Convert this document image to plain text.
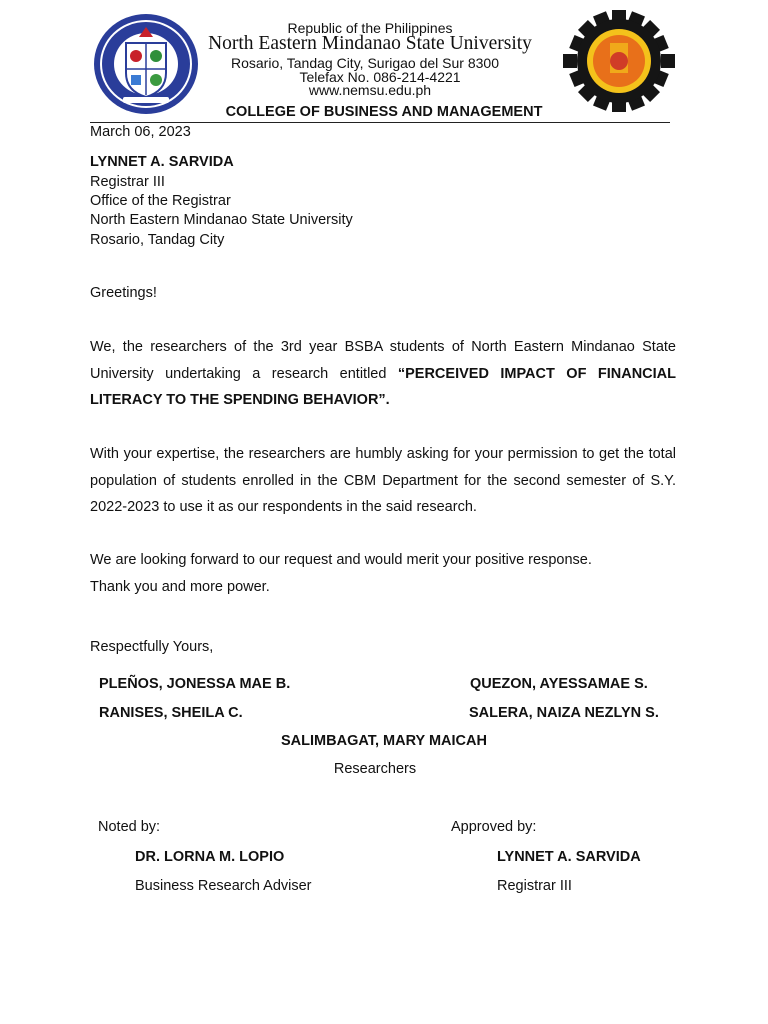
Republic of the Philippines
North Eastern Mindanao State University
Rosario, Tandag City, Surigao del Sur 8300
Telefax No. 086-214-4221
www.nemsu.edu.ph
COLLEGE OF BUSINESS AND MANAGEMENT
March 06, 2023
LYNNET A. SARVIDA
Registrar III
Office of the Registrar
North Eastern Mindanao State University
Rosario, Tandag City
Greetings!
We, the researchers of the 3rd year BSBA students of North Eastern Mindanao State University undertaking a research entitled “PERCEIVED IMPACT OF FINANCIAL LITERACY TO THE SPENDING BEHAVIOR”.
With your expertise, the researchers are humbly asking for your permission to get the total population of students enrolled in the CBM Department for the second semester of S.Y. 2022-2023 to use it as our respondents in the said research.
We are looking forward to our request and would merit your positive response.
Thank you and more power.
Respectfully Yours,
PLEÑOS, JONESSA MAE B.	QUEZON, AYESSAMAE S.
RANISES, SHEILA C.	SALERA, NAIZA NEZLYN S.
SALIMBAGAT, MARY MAICAH
Researchers
Noted by:
DR. LORNA M. LOPIO
Business Research Adviser
Approved by:
LYNNET A. SARVIDA
Registrar III
